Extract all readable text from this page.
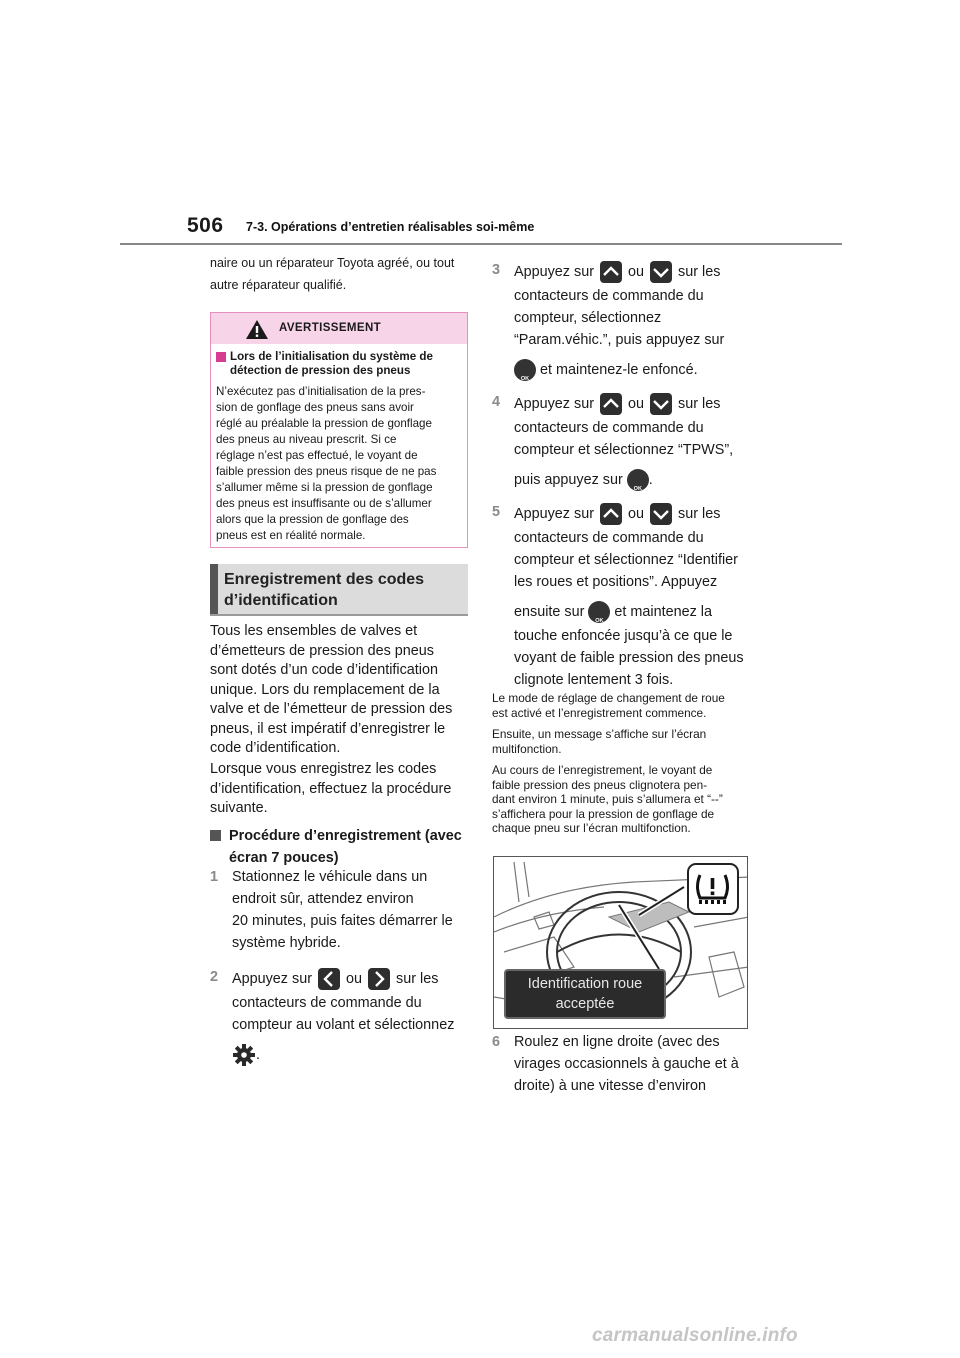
506 7-3. Opérations d’entretien réalisables soi-même
naire ou un réparateur Toyota agréé, ou tout
autre réparateur qualifié.
AVERTISSEMENT
Lors de l’initialisation du système de
détection de pression des pneus
N’exécutez pas d’initialisation de la pres-
sion de gonflage des pneus sans avoir
réglé au préalable la pression de gonflage
des pneus au niveau prescrit. Si ce
réglage n’est pas effectué, le voyant de
faible pression des pneus risque de ne pas
s’allumer même si la pression de gonflage
des pneus est insuffisante ou de s’allumer
alors que la pression de gonflage des
pneus est en réalité normale.
Enregistrement des codes
d’identification
Tous les ensembles de valves et
d’émetteurs de pression des pneus
sont dotés d’un code d’identification
unique. Lors du remplacement de la
valve et de l’émetteur de pression des
pneus, il est impératif d’enregistrer le
code d’identification.
Lorsque vous enregistrez les codes
d’identification, effectuez la procédure
suivante.
Procédure d’enregistrement (avec
écran 7 pouces)
1 Stationnez le véhicule dans un
endroit sûr, attendez environ
20 minutes, puis faites démarrer le
système hybride.
2 Appuyez sur ou sur les
contacteurs de commande du
compteur au volant et sélectionnez
.
3 Appuyez sur ou sur les
contacteurs de commande du
compteur, sélectionnez
“Param.véhic.”, puis appuyez sur
OK
et maintenez-le enfoncé.
4 Appuyez sur ou sur les
contacteurs de commande du
compteur et sélectionnez “TPWS”,
puis appuyez sur
OK
.
5 Appuyez sur ou sur les
contacteurs de commande du
compteur et sélectionnez “Identifier
les roues et positions”. Appuyez
ensuite sur
OK
et maintenez la
touche enfoncée jusqu’à ce que le
voyant de faible pression des pneus
clignote lentement 3 fois.
Le mode de réglage de changement de roue
est activé et l’enregistrement commence.
Ensuite, un message s’affiche sur l’écran
multifonction.
Au cours de l’enregistrement, le voyant de
faible pression des pneus clignotera pen-
dant environ 1 minute, puis s’allumera et “--”
s’affichera pour la pression de gonflage de
chaque pneu sur l’écran multifonction.
Identification roue
acceptée
6 Roulez en ligne droite (avec des
virages occasionnels à gauche et à
droite) à une vitesse d’environ
carmanualsonline.info
